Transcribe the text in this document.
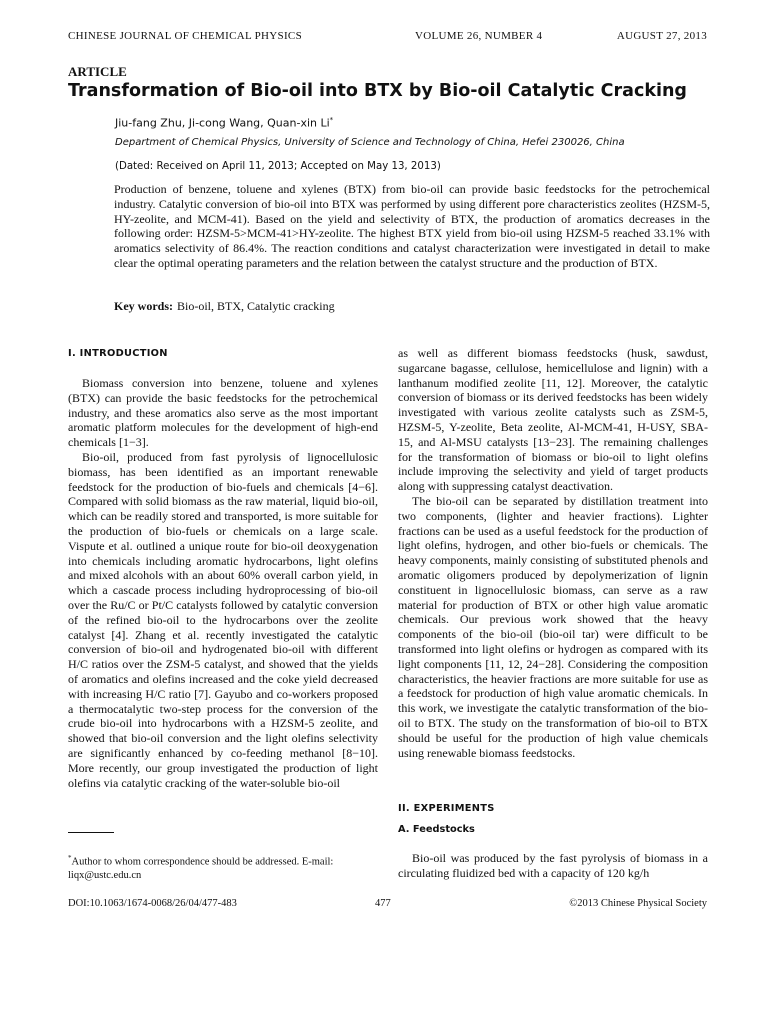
CHINESE JOURNAL OF CHEMICAL PHYSICS	VOLUME 26, NUMBER 4	AUGUST 27, 2013
ARTICLE
Transformation of Bio-oil into BTX by Bio-oil Catalytic Cracking
Jiu-fang Zhu, Ji-cong Wang, Quan-xin Li*
Department of Chemical Physics, University of Science and Technology of China, Hefei 230026, China
(Dated: Received on April 11, 2013; Accepted on May 13, 2013)
Production of benzene, toluene and xylenes (BTX) from bio-oil can provide basic feedstocks for the petrochemical industry. Catalytic conversion of bio-oil into BTX was performed by using different pore characteristics zeolites (HZSM-5, HY-zeolite, and MCM-41). Based on the yield and selectivity of BTX, the production of aromatics decreases in the following order: HZSM-5>MCM-41>HY-zeolite. The highest BTX yield from bio-oil using HZSM-5 reached 33.1% with aromatics selectivity of 86.4%. The reaction conditions and catalyst characterization were investigated in detail to make clear the optimal operating parameters and the relation between the catalyst structure and the production of BTX.
Key words: Bio-oil, BTX, Catalytic cracking
I. INTRODUCTION

Biomass conversion into benzene, toluene and xylenes (BTX) can provide the basic feedstocks for the petrochemical industry, and these aromatics also serve as the most important aromatic platform molecules for the development of high-end chemicals [1−3].

Bio-oil, produced from fast pyrolysis of lignocellulosic biomass, has been identified as an important renewable feedstock for the production of bio-fuels and chemicals [4−6]. Compared with solid biomass as the raw material, liquid bio-oil, which can be readily stored and transported, is more suitable for the production of bio-fuels or chemicals on a large scale. Vispute et al. outlined a unique route for bio-oil deoxygenation into chemicals including aromatic hydrocarbons, light olefins and mixed alcohols with an about 60% overall carbon yield, in which a cascade process including hydroprocessing of bio-oil over the Ru/C or Pt/C catalysts followed by catalytic conversion of the refined bio-oil to the hydrocarbons over the zeolite catalyst [4]. Zhang et al. recently investigated the catalytic conversion of bio-oil and hydrogenated bio-oil with different H/C ratios over the ZSM-5 catalyst, and showed that the yields of aromatics and olefins increased and the coke yield decreased with increasing H/C ratio [7]. Gayubo and co-workers proposed a thermocatalytic two-step process for the conversion of the crude bio-oil into hydrocarbons with a HZSM-5 zeolite, and showed that bio-oil conversion and the light olefins selectivity are significantly enhanced by co-feeding methanol [8−10]. More recently, our group investigated the production of light olefins via catalytic cracking of the water-soluble bio-oil

as well as different biomass feedstocks (husk, sawdust, sugarcane bagasse, cellulose, hemicellulose and lignin) with a lanthanum modified zeolite [11, 12]. Moreover, the catalytic conversion of biomass or its derived feedstocks has been widely investigated with various zeolite catalysts such as ZSM-5, HZSM-5, Y-zeolite, Beta zeolite, Al-MCM-41, H-USY, SBA-15, and Al-MSU catalysts [13−23]. The remaining challenges for the transformation of biomass or bio-oil to light olefins include improving the selectivity and yield of target products along with suppressing catalyst deactivation.

The bio-oil can be separated by distillation treatment into two components, (lighter and heavier fractions). Lighter fractions can be used as a useful feedstock for the production of light olefins, hydrogen, and other bio-fuels or chemicals. The heavy components, mainly consisting of substituted phenols and aromatic oligomers produced by depolymerization of lignin constituent in lignocellulosic biomass, can serve as a raw material for production of BTX or other high value aromatic chemicals. Our previous work showed that the heavy components of the bio-oil (bio-oil tar) were difficult to be transformed into light olefins or hydrogen as compared with its light components [11, 12, 24−28]. Considering the composition characteristics, the heavier fractions are more suitable for use as a feedstock for production of high value aromatic chemicals. In this work, we investigate the catalytic transformation of the bio-oil to BTX. The study on the transformation of bio-oil to BTX should be useful for the production of high value chemicals using renewable biomass feedstocks.

II. EXPERIMENTS
A. Feedstocks

Bio-oil was produced by the fast pyrolysis of biomass in a circulating fluidized bed with a capacity of 120 kg/h

*Author to whom correspondence should be addressed. E-mail: liqx@ustc.edu.cn
DOI:10.1063/1674-0068/26/04/477-483	477	©2013 Chinese Physical Society
